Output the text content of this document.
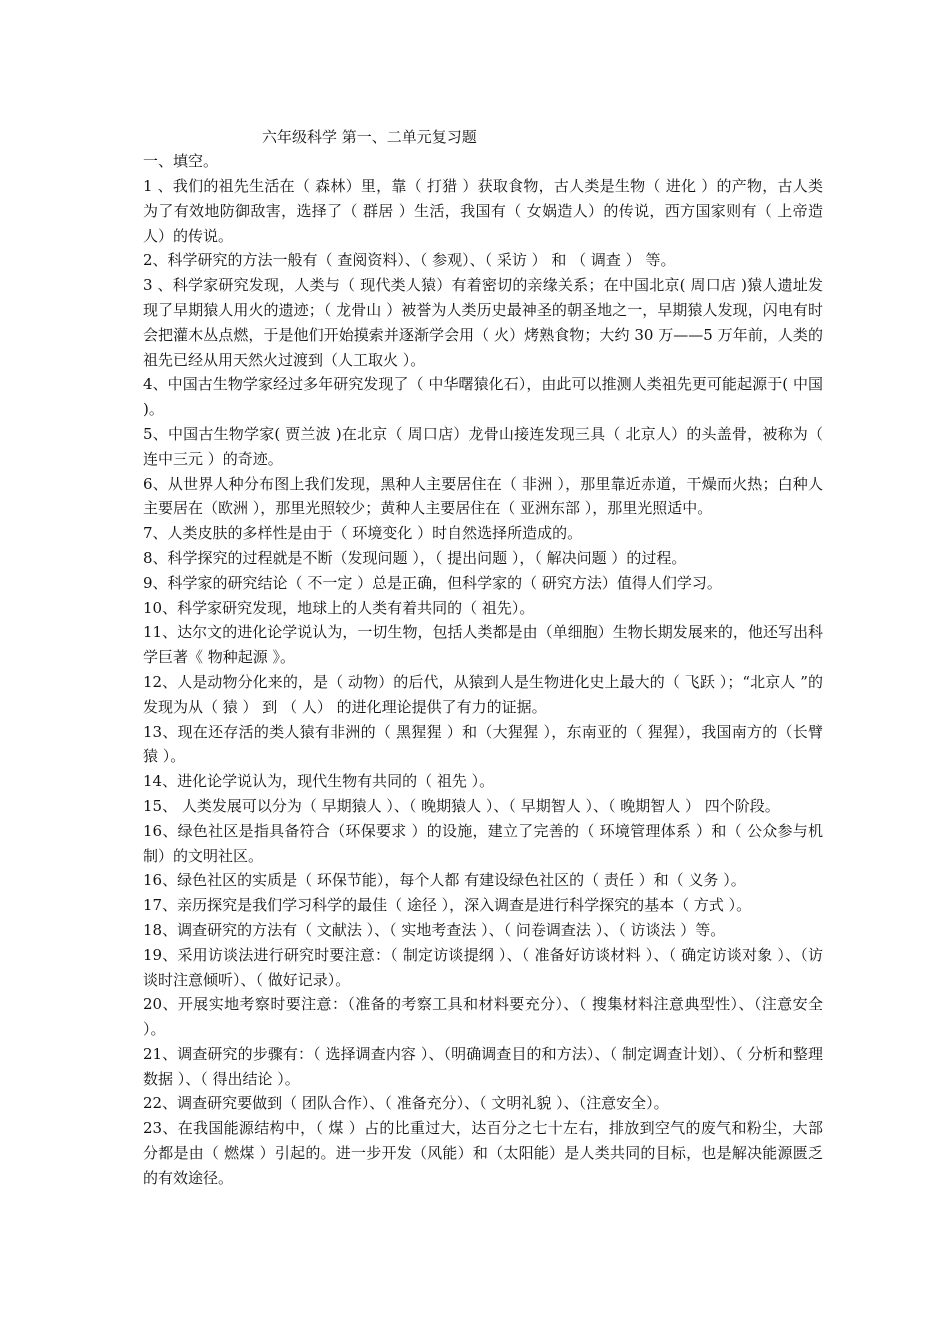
六年级科学 第一、二单元复习题
一、填空。

1 、我们的祖先生活在（ 森林）里，靠（ 打猎 ）获取食物，古人类是生物（ 进化 ）的产物，古人类为了有效地防御敌害，选择了（ 群居 ）生活，我国有（ 女娲造人）的传说，西方国家则有（ 上帝造人）的传说。

2、科学研究的方法一般有（ 查阅资料）、（ 参观）、（ 采访 ） 和 （ 调查 ） 等。

3 、科学家研究发现，人类与（ 现代类人猿）有着密切的亲缘关系；在中国北京( 周口店 )猿人遗址发现了早期猿人用火的遗迹；（ 龙骨山 ）被誉为人类历史最神圣的朝圣地之一，早期猿人发现，闪电有时会把灌木丛点燃，于是他们开始摸索并逐渐学会用（ 火）烤熟食物；大约 30 万——5 万年前，人类的祖先已经从用天然火过渡到（人工取火 ）。

4、中国古生物学家经过多年研究发现了（ 中华曙猿化石），由此可以推测人类祖先更可能起源于( 中国 )。

5、中国古生物学家( 贾兰波 )在北京（ 周口店）龙骨山接连发现三具（ 北京人）的头盖骨，被称为（ 连中三元 ）的奇迹。

6、从世界人种分布图上我们发现，黑种人主要居住在（ 非洲 ），那里靠近赤道，干燥而火热；白种人主要居在（欧洲 ），那里光照较少；黄种人主要居住在（ 亚洲东部 ），那里光照适中。

7、人类皮肤的多样性是由于（ 环境变化 ）时自然选择所造成的。

8、科学探究的过程就是不断（发现问题 ），（ 提出问题 ），（ 解决问题 ）的过程。

9、科学家的研究结论（ 不一定 ）总是正确，但科学家的（ 研究方法）值得人们学习。

10、科学家研究发现，地球上的人类有着共同的（ 祖先）。

11、达尔文的进化论学说认为，一切生物，包括人类都是由（单细胞）生物长期发展来的，他还写出科学巨著《 物种起源 》。

12、人是动物分化来的，是（ 动物）的后代，从猿到人是生物进化史上最大的（ 飞跃 ）；“北京人 ”的发现为从（ 猿 ） 到 （ 人） 的进化理论提供了有力的证据。

13、现在还存活的类人猿有非洲的（ 黑猩猩 ）和（大猩猩 ），东南亚的（ 猩猩），我国南方的（长臂猿 ）。

14、进化论学说认为，现代生物有共同的（ 祖先 ）。

15、 人类发展可以分为（ 早期猿人 ）、（ 晚期猿人 ）、（ 早期智人 ）、（ 晚期智人 ） 四个阶段。

16、绿色社区是指具备符合（环保要求 ）的设施，建立了完善的（ 环境管理体系 ）和（ 公众参与机制）的文明社区。

16、绿色社区的实质是（ 环保节能），每个人都 有建设绿色社区的（ 责任 ）和（ 义务 ）。

17、亲历探究是我们学习科学的最佳（ 途径 ），深入调查是进行科学探究的基本（ 方式 ）。

18、调查研究的方法有（ 文献法 ）、（ 实地考查法 ）、（ 问卷调查法 ）、（ 访谈法 ）等。

19、采用访谈法进行研究时要注意：（ 制定访谈提纲 ）、（ 准备好访谈材料 ）、（ 确定访谈对象 ）、（访谈时注意倾听）、（ 做好记录）。

20、开展实地考察时要注意：（准备的考察工具和材料要充分）、（ 搜集材料注意典型性）、（注意安全 ）。

21、调查研究的步骤有：（ 选择调查内容 ）、（明确调查目的和方法）、（ 制定调查计划）、（ 分析和整理数据 ）、（ 得出结论 ）。

22、调查研究要做到（ 团队合作）、（ 准备充分）、（ 文明礼貌 ）、（注意安全）。

23、在我国能源结构中，（ 煤 ）占的比重过大，达百分之七十左右，排放到空气的废气和粉尘，大部分都是由（ 燃煤 ）引起的。进一步开发（风能）和（太阳能）是人类共同的目标，也是解决能源匮乏的有效途径。
